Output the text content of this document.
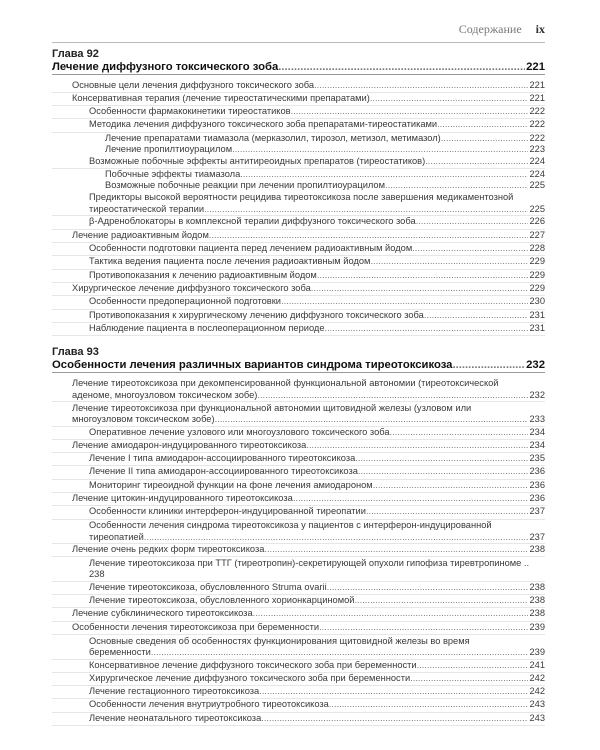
Содержание ix
Глава 92
Лечение диффузного токсического зоба .....	221
Основные цели лечения диффузного токсического зоба .....	221
Консервативная терапия (лечение тиреостатическими препаратами) .....	221
Особенности фармакокинетики тиреостатиков .....	222
Методика лечения диффузного токсического зоба препаратами-тиреостатиками .....	222
Лечение препаратами тиамазола (мерказолил, тирозол, метизол, метимазол) .....	222
Лечение пропилтиоурацилом .....	223
Возможные побочные эффекты антитиреоидных препаратов (тиреостатиков) .....	224
Побочные эффекты тиамазола .....	224
Возможные побочные реакции при лечении пропилтиоурацилом .....	225
Предикторы высокой вероятности рецидива тиреотоксикоза после завершения медикаментозной
тиреостатической терапии .....	225
β-Адреноблокаторы в комплексной терапии диффузного токсического зоба .....	226
Лечение радиоактивным йодом .....	227
Особенности подготовки пациента перед лечением радиоактивным йодом .....	228
Тактика ведения пациента после лечения радиоактивным йодом .....	229
Противопоказания к лечению радиоактивным йодом .....	229
Хирургическое лечение диффузного токсического зоба .....	229
Особенности предоперационной подготовки .....	230
Противопоказания к хирургическому лечению диффузного токсического зоба .....	231
Наблюдение пациента в послеоперационном периоде .....	231
Глава 93
Особенности лечения различных вариантов синдрома тиреотоксикоза .....	232
Лечение тиреотоксикоза при декомпенсированной функциональной автономии (тиреотоксической
аденоме, многоузловом токсическом зобе) .....	232
Лечение тиреотоксикоза при функциональной автономии щитовидной железы (узловом или
многоузловом токсическом зобе) .....	233
Оперативное лечение узлового или многоузлового токсического зоба .....	234
Лечение амиодарон-индуцированного тиреотоксикоза .....	234
Лечение I типа амиодарон-ассоциированного тиреотоксикоза .....	235
Лечение II типа амиодарон-ассоциированного тиреотоксикоза .....	236
Мониторинг тиреоидной функции на фоне лечения амиодароном .....	236
Лечение цитокин-индуцированного тиреотоксикоза .....	236
Особенности клиники интерферон-индуцированной тиреопатии .....	237
Особенности лечения синдрома тиреотоксикоза у пациентов с интерферон-индуцированной
тиреопатией .....	237
Лечение очень редких форм тиреотоксикоза .....	238
Лечение тиреотоксикоза при ТТГ (тиреотропин)-секретирующей опухоли гипофиза тиревтропиноме ..
238
Лечение тиреотоксикоза, обусловленного Struma ovarii .....	238
Лечение тиреотоксикоза, обусловленного хорионкарциномой .....	238
Лечение субклинического тиреотоксикоза .....	238
Особенности лечения тиреотоксикоза при беременности .....	239
Основные сведения об особенностях функционирования щитовидной железы во время
беременности .....	239
Консервативное лечение диффузного токсического зоба при беременности .....	241
Хирургическое лечение диффузного токсического зоба при беременности .....	242
Лечение гестационного тиреотоксикоза .....	242
Особенности лечения внутриутробного тиреотоксикоза .....	243
Лечение неонатального тиреотоксикоза .....	243
